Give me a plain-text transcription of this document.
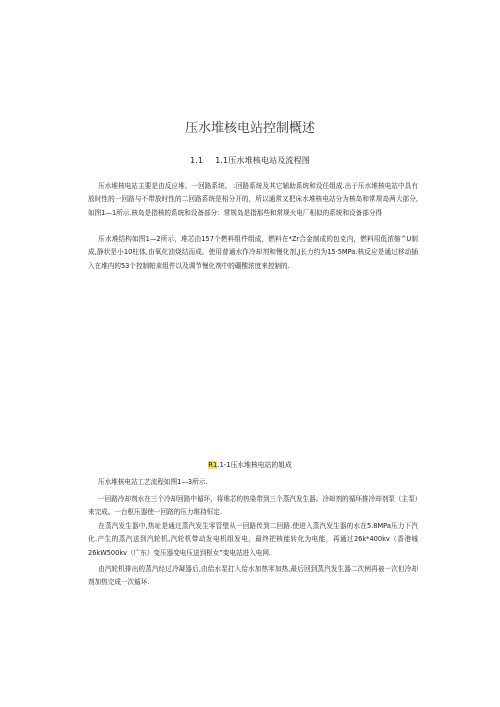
压水堆核电站控制概述
1.1 1.1压水堆核电站及流程图
压水堆核电站主要是由反应堆、一回路系统、 :回路系统及其它辅助系统和设任组成.出于压水堆核电站中具有放时性的一回路与不带放时性的二回路系统是相分开的，所以通常又把床水堆核电站分为核岛和常规岛两大部分,如图1—1所示.核岛是指核的系统和设备部分：常规岛是指那些和常规火电厂相似的系统和设备部分得
压水堆结构如图1—2所示，堆芯由157个燃料组件组成，燃料在*Zr合金制成的包克内，燃料用低浓缩^U制成,静状是小10柱体,由氧化油烧结而成。使用普通水作冷却剂和慢化剂,J长力约为15·5MPa.核反应是通过移动插入在堆内的53个控制帕束组件以及调节慢化剂中的硼酸浓度来控制的.
R1.1-1压水堆核电站的姐成
压水堆核电站工艺流程如图1—3所示.
一回路冷却剂水在三个冷却回路中循环，将堆芯的热染带到三个蒸汽发生器。冷却剂的循环推冷却剂泵（主泵）来完成。一台枢压器使一回路的压力维持恒定.
在蒸汽发生器中,热址是通过蒸汽发生零管璧从一回路传到二回路.使进入蒸汽发生器的水在5.8MPa压力下汽化.产生的蒸汽送到汽轮机,汽轮机带动发电机组发电，最终把核能转化为电能，再通过26k*400kv（香港城26kW500kv（广东）变压器变电压送到枢女”变电站进入电网.
由汽轮机排出的蒸汽经过冷凝器后,由给水泵打入给水加热零加热,最后回到蒸汽发生器二次例再被一次但冷却剂加热完成一次循环.
